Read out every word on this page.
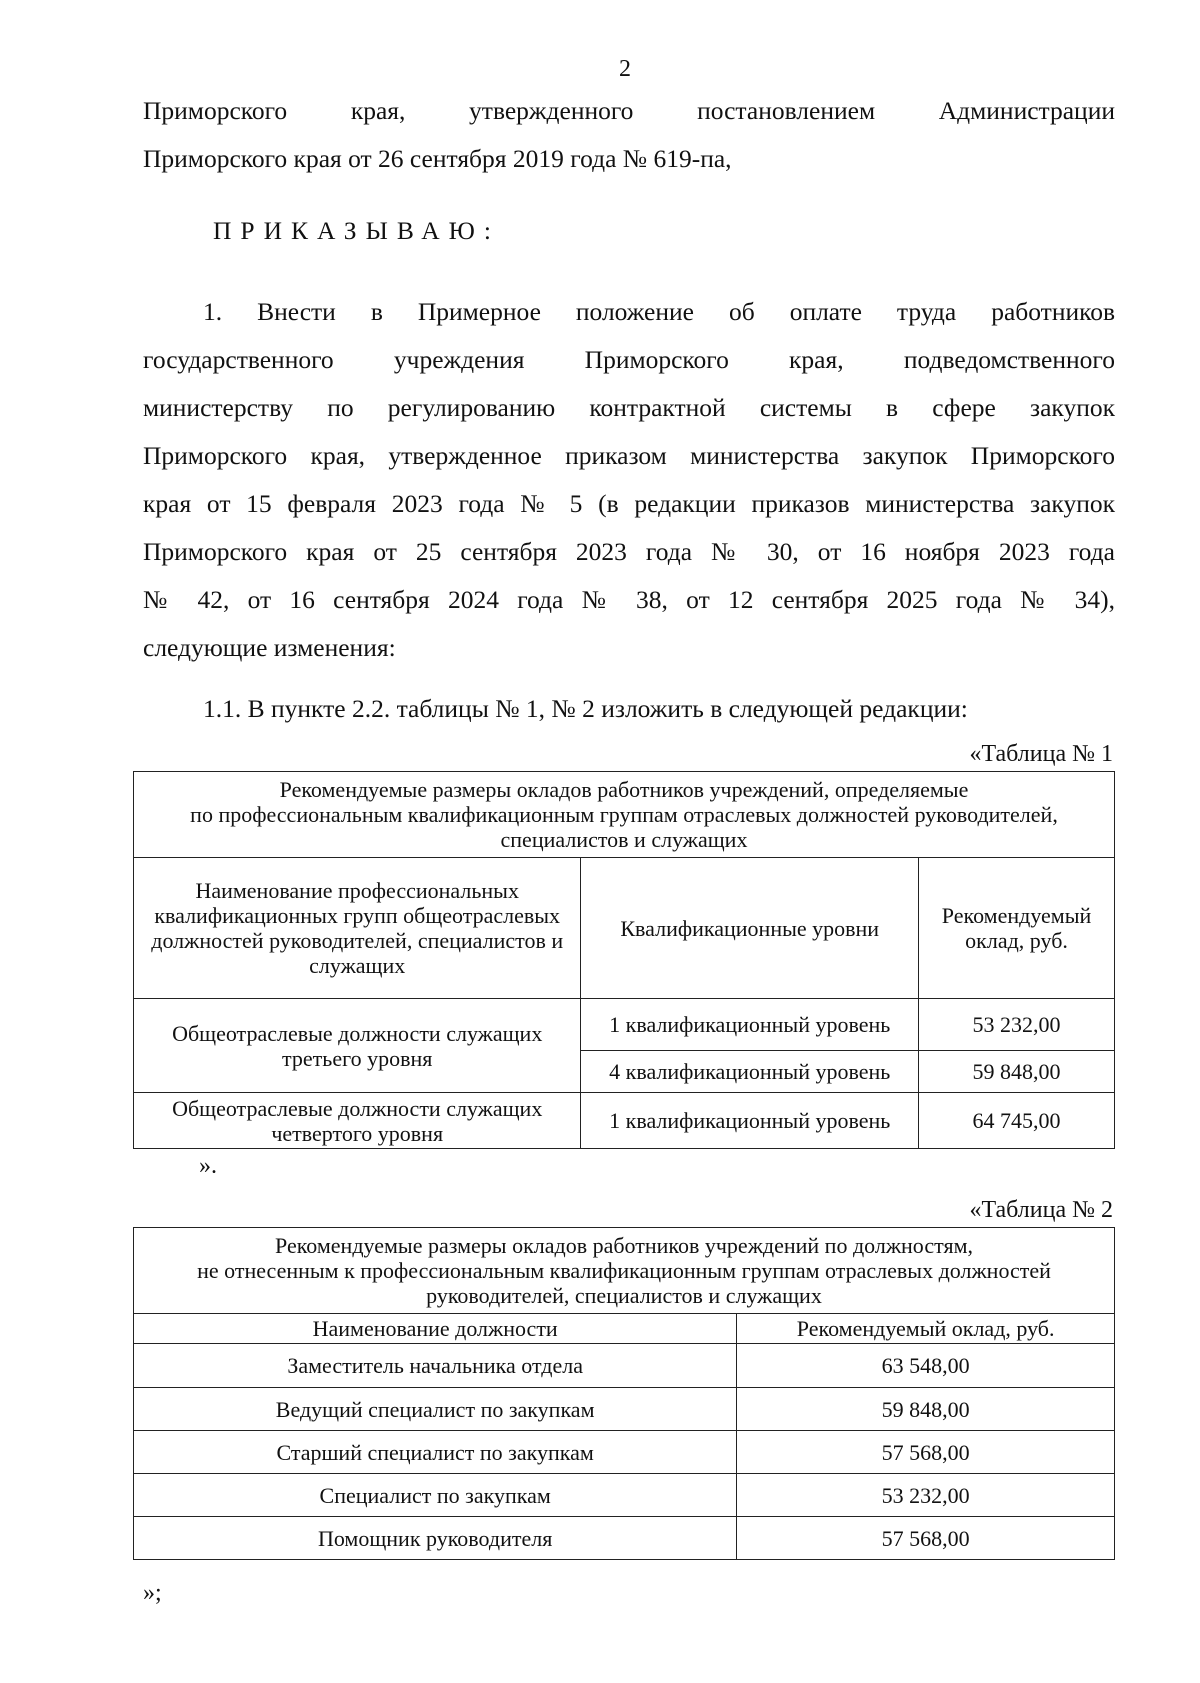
2
Приморского края, утвержденного постановлением Администрации
Приморского края от 26 сентября 2019 года № 619-па,
ПРИКАЗЫВАЮ:
1. Внести в Примерное положение об оплате труда работников
государственного учреждения Приморского края, подведомственного
министерству по регулированию контрактной системы в сфере закупок
Приморского края, утвержденное приказом министерства закупок Приморского
края от 15 февраля 2023 года № 5 (в редакции приказов министерства закупок
Приморского края от 25 сентября 2023 года № 30, от 16 ноября 2023 года
№ 42, от 16 сентября 2024 года № 38, от 12 сентября 2025 года № 34),
следующие изменения:
1.1. В пункте 2.2. таблицы № 1, № 2 изложить в следующей редакции:
«Таблица № 1
Рекомендуемые размеры окладов работников учреждений, определяемые
по профессиональным квалификационным группам отраслевых должностей руководителей,
специалистов и служащих		

Наименование профессиональных квалификационных групп общеотраслевых должностей руководителей, специалистов и служащих	Квалификационные уровни	Рекомендуемый оклад, руб.
Общеотраслевые должности служащих третьего уровня	1 квалификационный уровень	53 232,00
	4 квалификационный уровень	59 848,00
Общеотраслевые должности служащих четвертого уровня	1 квалификационный уровень	64 745,00
».
«Таблица № 2
Рекомендуемые размеры окладов работников учреждений по должностям,
не отнесенным к профессиональным квалификационным группам отраслевых должностей
руководителей, специалистов и служащих	

Наименование должности	Рекомендуемый оклад, руб.
Заместитель начальника отдела	63 548,00
Ведущий специалист по закупкам	59 848,00
Старший специалист по закупкам	57 568,00
Специалист по закупкам	53 232,00
Помощник руководителя	57 568,00
»;
